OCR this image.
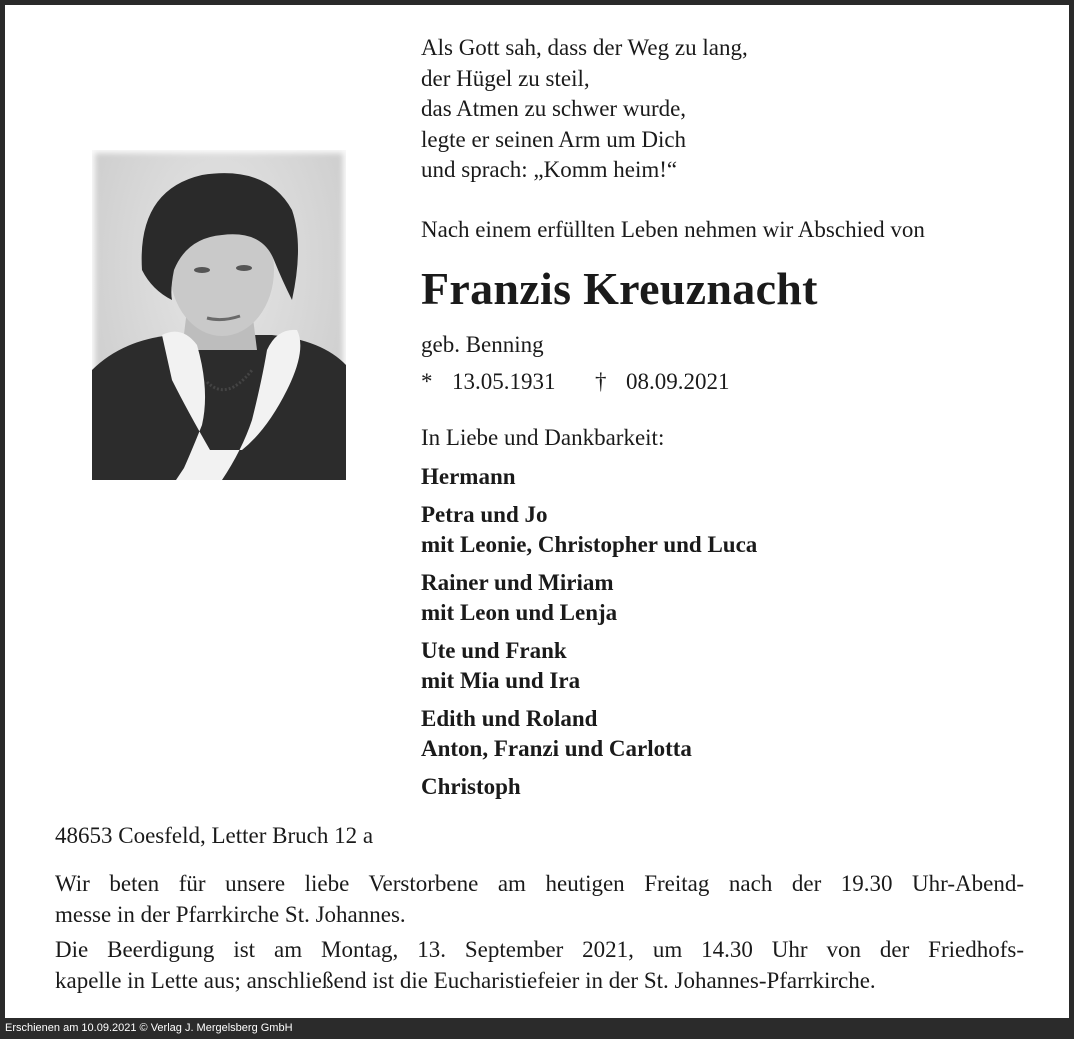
Als Gott sah, dass der Weg zu lang,
der Hügel zu steil,
das Atmen zu schwer wurde,
legte er seinen Arm um Dich
und sprach: „Komm heim!“
Nach einem erfüllten Leben nehmen wir Abschied von
Franzis Kreuznacht
geb. Benning
* 13.05.1931 † 08.09.2021
In Liebe und Dankbarkeit:
Hermann
Petra und Jo
mit Leonie, Christopher und Luca
Rainer und Miriam
mit Leon und Lenja
Ute und Frank
mit Mia und Ira
Edith und Roland
Anton, Franzi und Carlotta
Christoph
48653 Coesfeld, Letter Bruch 12 a
Wir beten für unsere liebe Verstorbene am heutigen Freitag nach der 19.30 Uhr-Abend-
messe in der Pfarrkirche St. Johannes.
Die Beerdigung ist am Montag, 13. September 2021, um 14.30 Uhr von der Friedhofs-
kapelle in Lette aus; anschließend ist die Eucharistiefeier in der St. Johannes-Pfarrkirche.
Erschienen am 10.09.2021 © Verlag J. Mergelsberg GmbH
